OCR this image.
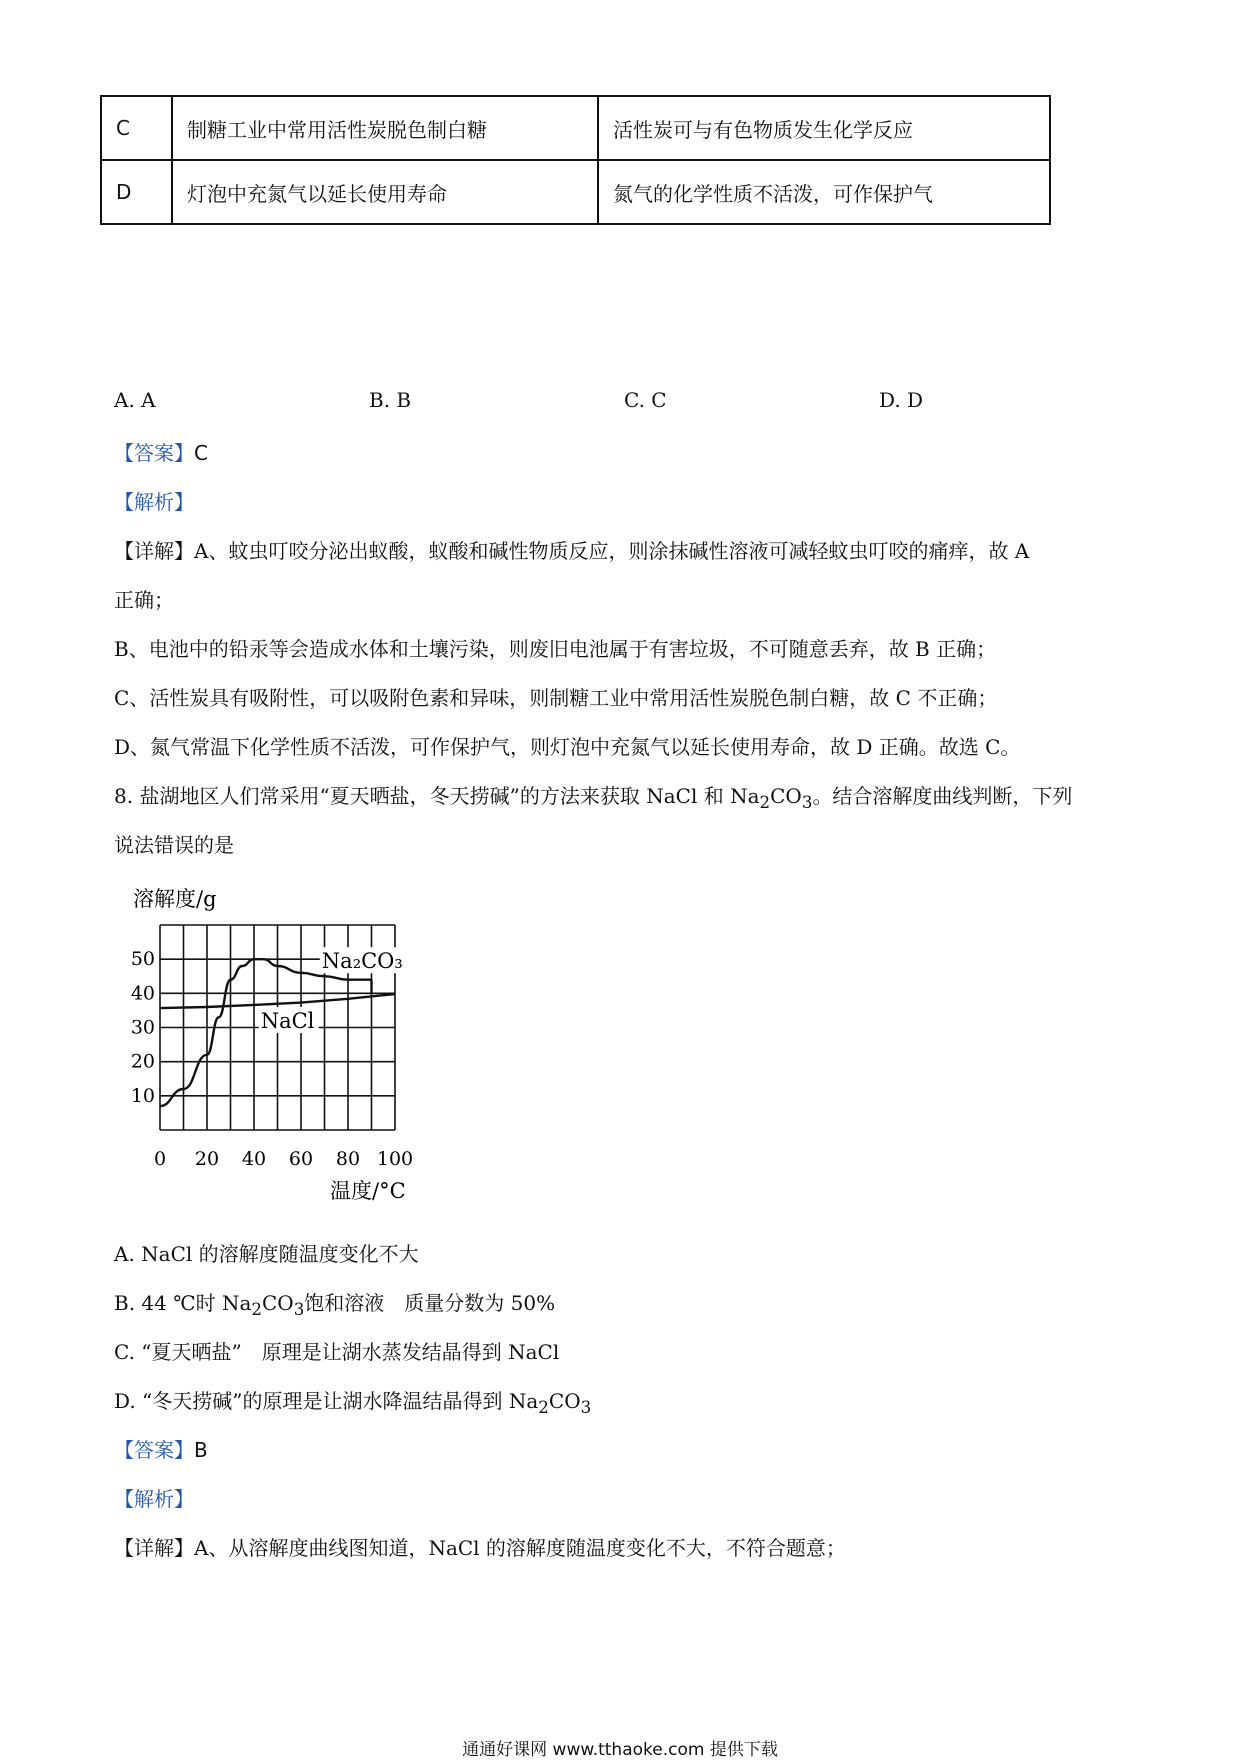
C	制糖工业中常用活性炭脱色制白糖	活性炭可与有色物质发生化学反应
D	灯泡中充氮气以延长使用寿命	氮气的化学性质不活泼，可作保护气
A. A	B. B	C. C	D. D
【答案】C
【解析】
【详解】A、蚊虫叮咬分泌出蚁酸，蚁酸和碱性物质反应，则涂抹碱性溶液可减轻蚊虫叮咬的痛痒，故 A
正确；
B、电池中的铅汞等会造成水体和土壤污染，则废旧电池属于有害垃圾，不可随意丢弃，故 B 正确；
C、活性炭具有吸附性，可以吸附色素和异味，则制糖工业中常用活性炭脱色制白糖，故 C 不正确；
D、氮气常温下化学性质不活泼，可作保护气，则灯泡中充氮气以延长使用寿命，故 D 正确。故选 C。
8. 盐湖地区人们常采用“夏天晒盐，冬天捞碱”的方法来获取 NaCl 和 $Na_2CO_3$。结合溶解度曲线判断，下列
说法错误的是
溶解度/g
0 20 40 60 80 100
10
20
30
40
50	Na₂CO₃
NaCl
温度/°C
A. NaCl 的溶解度随温度变化不大
B. 44 ℃时 $Na_2CO_3$饱和溶液　质量分数为 50%
C. “夏天晒盐”　原理是让湖水蒸发结晶得到 NaCl
D. “冬天捞碱”的原理是让湖水降温结晶得到 $Na_2CO_3$
【答案】B
【解析】
【详解】A、从溶解度曲线图知道，NaCl 的溶解度随温度变化不大，不符合题意；
通通好课网 www.tthaoke.com 提供下载
